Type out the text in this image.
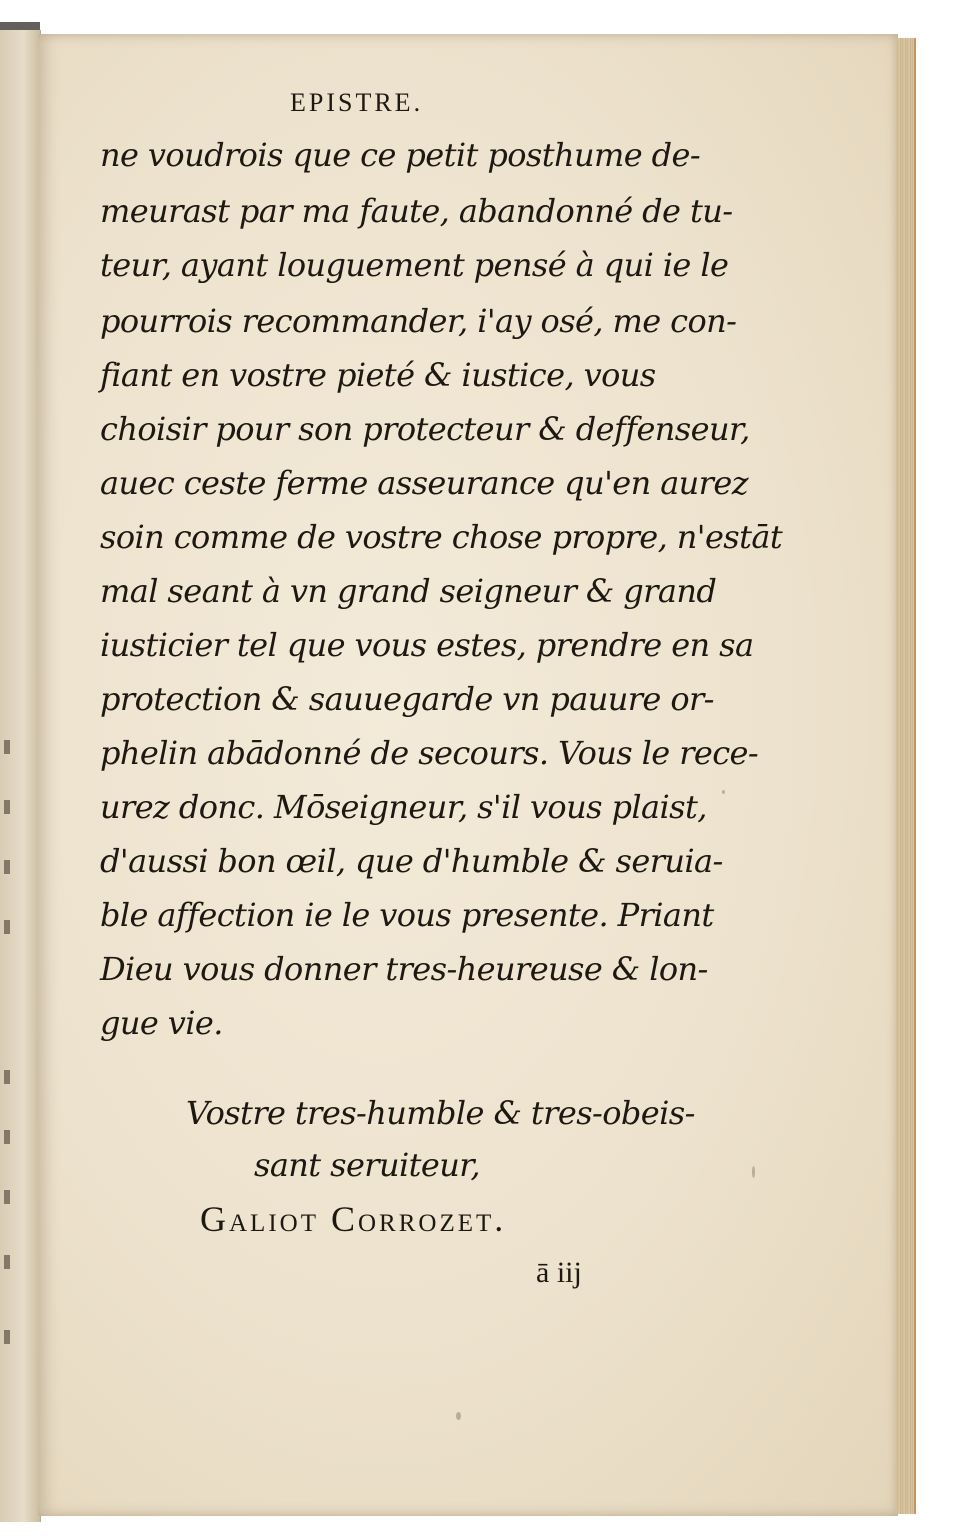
EPISTRE.
ne voudrois que ce petit posthume de-
meurast par ma faute, abandonné de tu-
teur, ayant louguement pensé à qui ie le
pourrois recommander, i'ay osé, me con-
fiant en vostre pieté & iustice, vous
choisir pour son protecteur & deffenseur,
auec ceste ferme asseurance qu'en aurez
soin comme de vostre chose propre, n'estāt
mal seant à vn grand seigneur & grand
iusticier tel que vous estes, prendre en sa
protection & sauuegarde vn pauure or-
phelin abādonné de secours. Vous le rece-
urez donc. Mōseigneur, s'il vous plaist,
d'aussi bon œil, que d'humble & seruia-
ble affection ie le vous presente. Priant
Dieu vous donner tres-heureuse & lon-
gue vie.
Vostre tres-humble & tres-obeis-
sant seruiteur,
Galiot Corrozet.
ā iij
